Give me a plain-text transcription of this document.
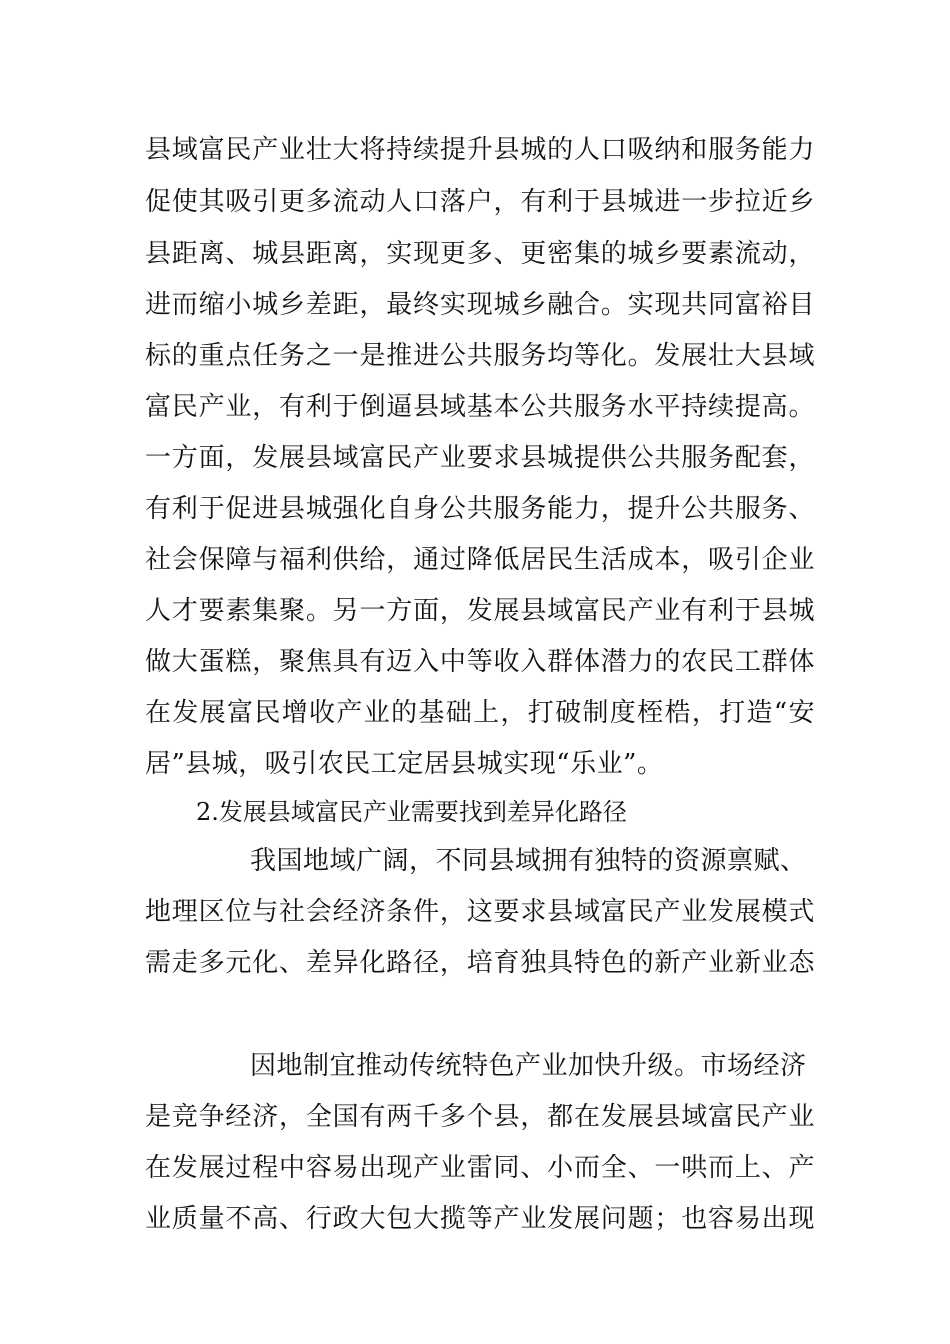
县域富民产业壮大将持续提升县城的人口吸纳和服务能力
促使其吸引更多流动人口落户，有利于县城进一步拉近乡
县距离、城县距离，实现更多、更密集的城乡要素流动，
进而缩小城乡差距，最终实现城乡融合。实现共同富裕目
标的重点任务之一是推进公共服务均等化。发展壮大县域
富民产业，有利于倒逼县域基本公共服务水平持续提高。
一方面，发展县域富民产业要求县城提供公共服务配套，
有利于促进县城强化自身公共服务能力，提升公共服务、
社会保障与福利供给，通过降低居民生活成本，吸引企业
人才要素集聚。另一方面，发展县域富民产业有利于县城
做大蛋糕，聚焦具有迈入中等收入群体潜力的农民工群体
在发展富民增收产业的基础上，打破制度桎梏，打造“安
居”县城，吸引农民工定居县城实现“乐业”。
2.发展县域富民产业需要找到差异化路径
我国地域广阔，不同县域拥有独特的资源禀赋、
地理区位与社会经济条件，这要求县域富民产业发展模式
需走多元化、差异化路径，培育独具特色的新产业新业态
因地制宜推动传统特色产业加快升级。市场经济
是竞争经济，全国有两千多个县，都在发展县域富民产业
在发展过程中容易出现产业雷同、小而全、一哄而上、产
业质量不高、行政大包大揽等产业发展问题；也容易出现
